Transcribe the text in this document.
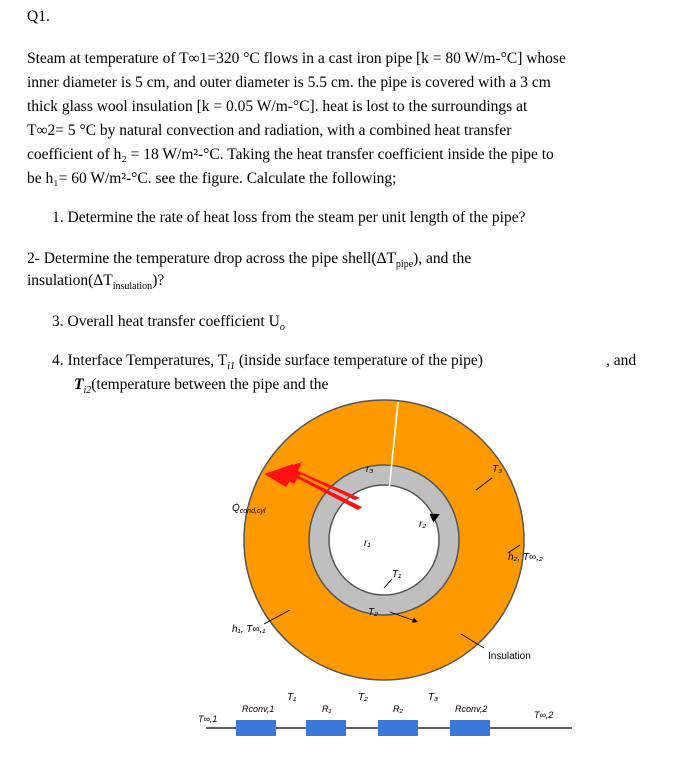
Q1.
Steam at temperature of T∞1=320 °C flows in a cast iron pipe [k = 80 W/m-°C] whose
inner diameter is 5 cm, and outer diameter is 5.5 cm. the pipe is covered with a 3 cm
thick glass wool insulation [k = 0.05 W/m-°C]. heat is lost to the surroundings at
T∞2= 5 °C by natural convection and radiation, with a combined heat transfer
coefficient of h₂ = 18 W/m²-°C. Taking the heat transfer coefficient inside the pipe to
be h₁= 60 W/m²-°C. see the figure. Calculate the following;
1. Determine the rate of heat loss from the steam per unit length of the pipe?
2- Determine the temperature drop across the pipe $shell(\Delta T_{pipe})$, and the
$insulation(\Delta T_{insulation})$?
3. Overall heat transfer coefficient $U_o$
4. Interface Temperatures, $T_{i1}$ (inside surface temperature of the pipe)	, and
$T_{i2}(temperature$ between the pipe and the
r₃
r₂
r₁
T₁
T₂
T₃
$Q̇_{cond,cyl}$
h₂, T∞,₂
h₁, T∞,₁
Insulation
T∞,1	T∞,2
T₁	T₂	T₃
Rconv,1	R₁	R₂	Rconv,2
